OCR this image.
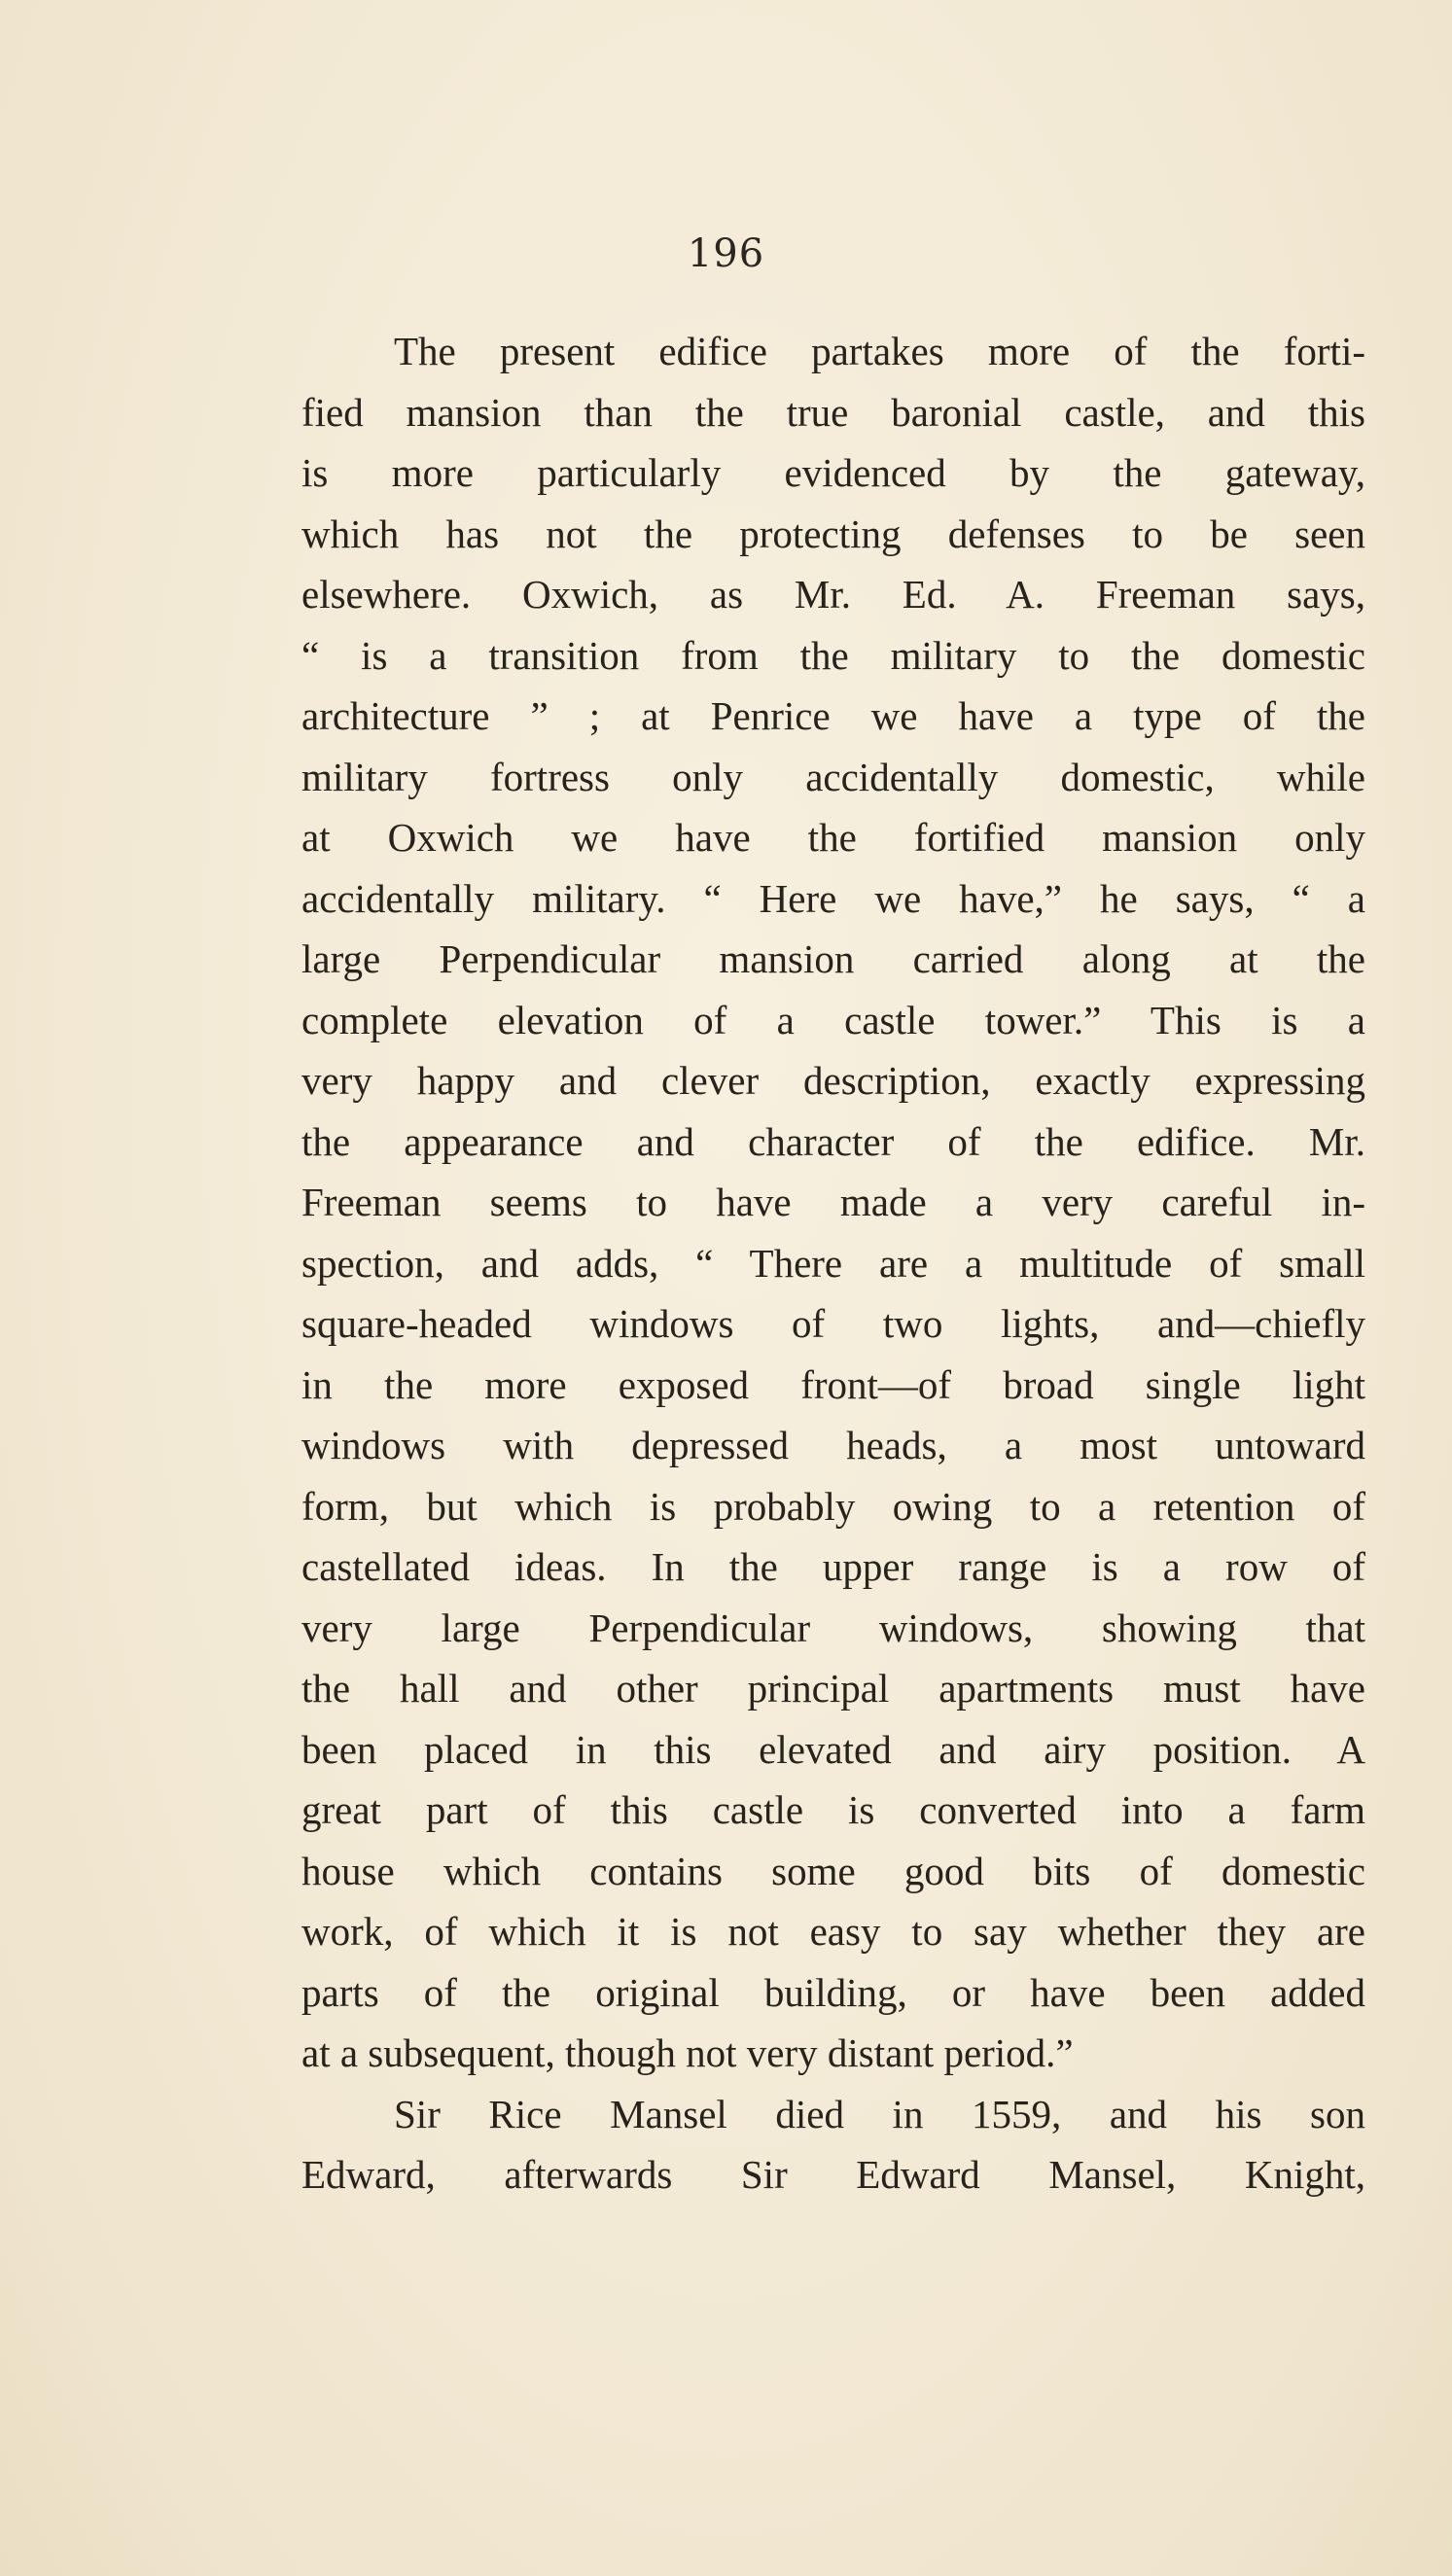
196
The present edifice partakes more of the forti-
fied mansion than the true baronial castle, and this
is more particularly evidenced by the gateway,
which has not the protecting defenses to be seen
elsewhere. Oxwich, as Mr. Ed. A. Freeman says,
“ is a transition from the military to the domestic
architecture ” ; at Penrice we have a type of the
military fortress only accidentally domestic, while
at Oxwich we have the fortified mansion only
accidentally military. “ Here we have,” he says, “ a
large Perpendicular mansion carried along at the
complete elevation of a castle tower.” This is a
very happy and clever description, exactly expressing
the appearance and character of the edifice. Mr.
Freeman seems to have made a very careful in-
spection, and adds, “ There are a multitude of small
square-headed windows of two lights, and—chiefly
in the more exposed front—of broad single light
windows with depressed heads, a most untoward
form, but which is probably owing to a retention of
castellated ideas. In the upper range is a row of
very large Perpendicular windows, showing that
the hall and other principal apartments must have
been placed in this elevated and airy position. A
great part of this castle is converted into a farm
house which contains some good bits of domestic
work, of which it is not easy to say whether they are
parts of the original building, or have been added
at a subsequent, though not very distant period.”
Sir Rice Mansel died in 1559, and his son
Edward, afterwards Sir Edward Mansel, Knight,
